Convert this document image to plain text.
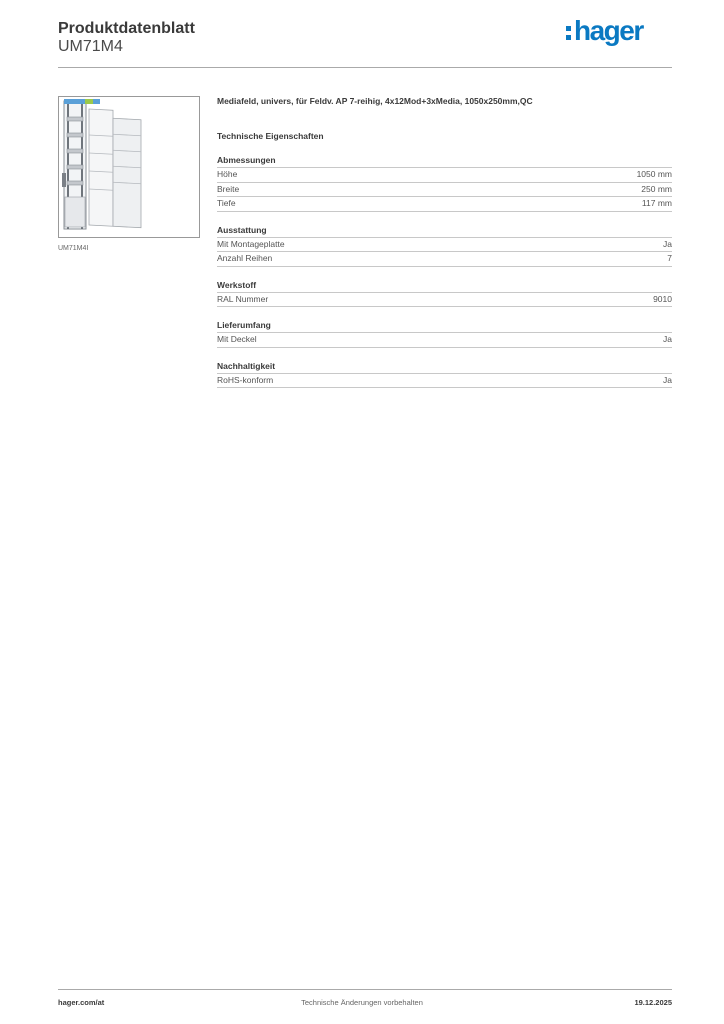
Produktdatenblatt
UM71M4
hager
UM71M4I
Mediafeld, univers, für Feldv. AP 7-reihig, 4x12Mod+3xMedia, 1050x250mm,QC
Technische Eigenschaften
Abmessungen
Höhe	1050 mm
Breite	250 mm
Tiefe	117 mm
Ausstattung
Mit Montageplatte	Ja
Anzahl Reihen	7
Werkstoff
RAL Nummer	9010
Lieferumfang
Mit Deckel	Ja
Nachhaltigkeit
RoHS-konform	Ja
hager.com/at	Technische Änderungen vorbehalten	19.12.2025
